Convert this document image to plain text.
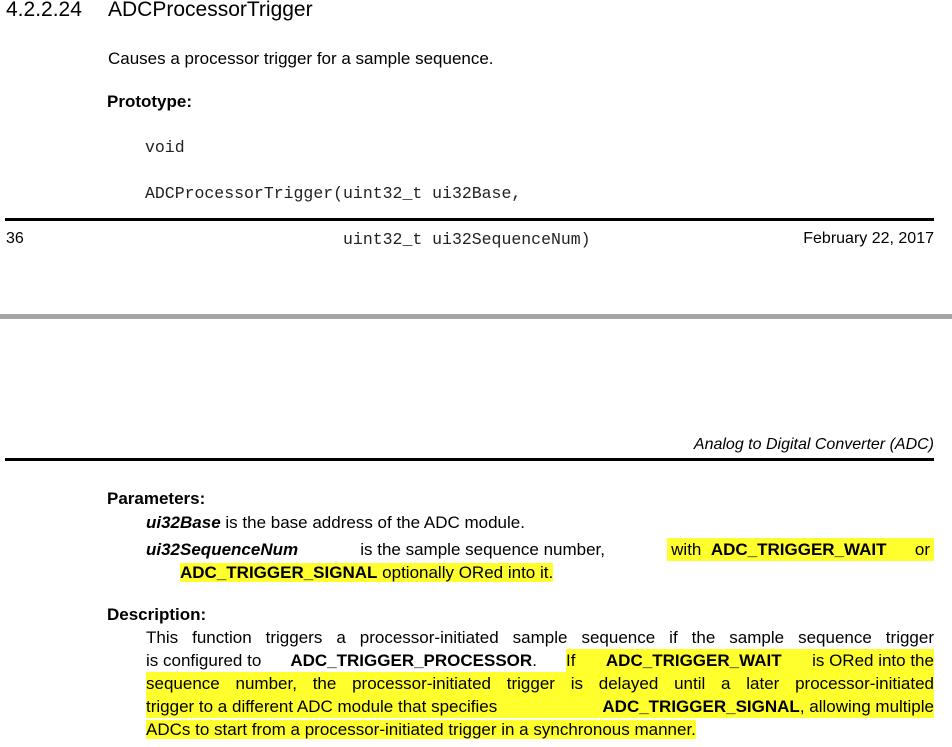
4.2.2.24 ADCProcessorTrigger
Causes a processor trigger for a sample sequence.
Prototype:

void

ADCProcessorTrigger(uint32_t ui32Base,

uint32_t ui32SequenceNum)

36	February 22, 2017
Analog to Digital Converter (ADC)
Parameters:
ui32Base is the base address of the ADC module.
ui32SequenceNum	is the sample sequence number,	with ADC_TRIGGER_WAIT or
ADC_TRIGGER_SIGNAL optionally ORed into it.
Description:
This function triggers a processor-initiated sample sequence if the sample sequence trigger
is configured to ADC_TRIGGER_PROCESSOR. If ADC_TRIGGER_WAIT is ORed into the
sequence number, the processor-initiated trigger is delayed until a later processor-initiated
trigger to a different ADC module that specifies	ADC_TRIGGER_SIGNAL, allowing multiple
ADCs to start from a processor-initiated trigger in a synchronous manner.
